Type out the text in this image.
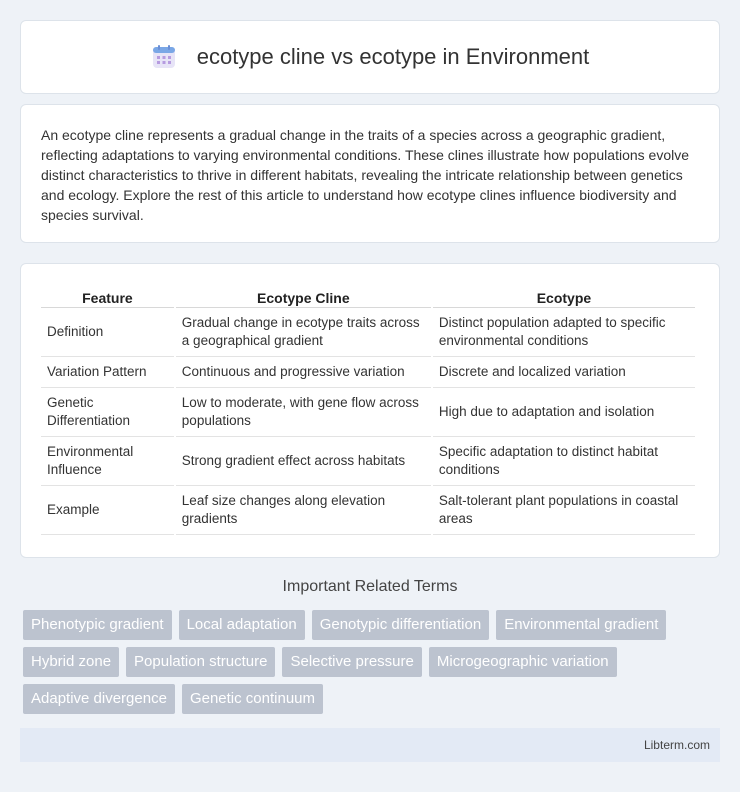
ecotype cline vs ecotype in Environment

An ecotype cline represents a gradual change in the traits of a species across a geographic gradient, reflecting adaptations to varying environmental conditions. These clines illustrate how populations evolve distinct characteristics to thrive in different habitats, revealing the intricate relationship between genetics and ecology. Explore the rest of this article to understand how ecotype clines influence biodiversity and species survival.

Feature	Ecotype Cline	Ecotype
Definition	Gradual change in ecotype traits across a geographical gradient	Distinct population adapted to specific environmental conditions
Variation Pattern	Continuous and progressive variation	Discrete and localized variation
Genetic Differentiation	Low to moderate, with gene flow across populations	High due to adaptation and isolation
Environmental Influence	Strong gradient effect across habitats	Specific adaptation to distinct habitat conditions
Example	Leaf size changes along elevation gradients	Salt-tolerant plant populations in coastal areas
Important Related Terms
Phenotypic gradient	Local adaptation	Genotypic differentiation	Environmental gradient
Hybrid zone	Population structure	Selective pressure	Microgeographic variation
Adaptive divergence	Genetic continuum
Libterm.com
